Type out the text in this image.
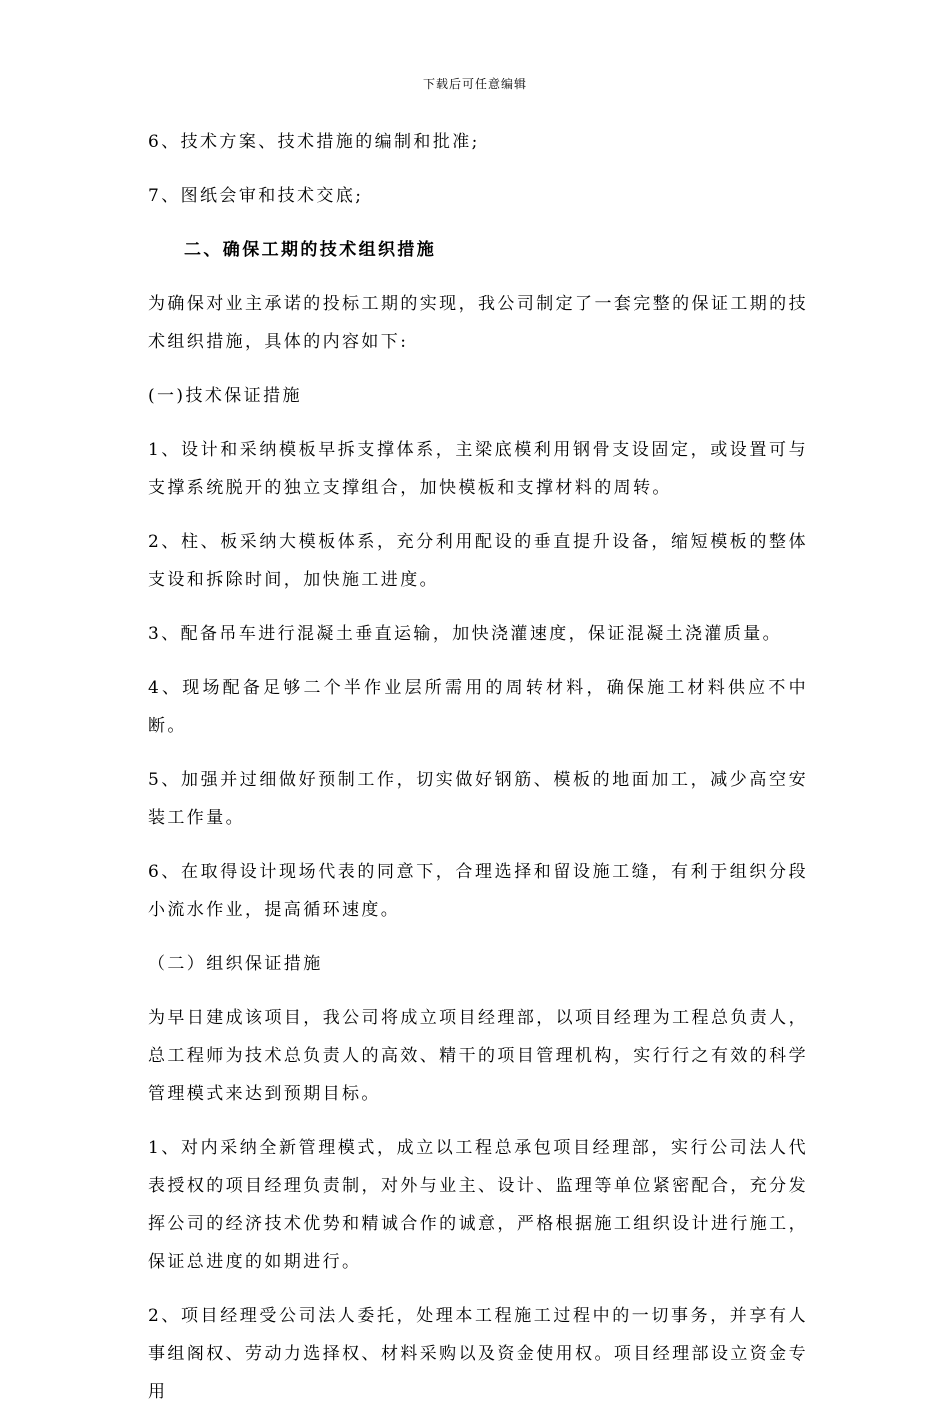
下载后可任意编辑

6、技术方案、技术措施的编制和批准;

7、图纸会审和技术交底;

二、确保工期的技术组织措施

为确保对业主承诺的投标工期的实现，我公司制定了一套完整的保证工期的技术组织措施，具体的内容如下:

(一)技术保证措施

1、设计和采纳模板早拆支撑体系，主梁底模利用钢骨支设固定，或设置可与支撑系统脱开的独立支撑组合，加快模板和支撑材料的周转。

2、柱、板采纳大模板体系，充分利用配设的垂直提升设备，缩短模板的整体支设和拆除时间，加快施工进度。

3、配备吊车进行混凝土垂直运输，加快浇灌速度，保证混凝土浇灌质量。

4、现场配备足够二个半作业层所需用的周转材料，确保施工材料供应不中断。

5、加强并过细做好预制工作，切实做好钢筋、模板的地面加工，减少高空安装工作量。

6、在取得设计现场代表的同意下，合理选择和留设施工缝，有利于组织分段小流水作业，提高循环速度。

（二）组织保证措施

为早日建成该项目，我公司将成立项目经理部，以项目经理为工程总负责人，总工程师为技术总负责人的高效、精干的项目管理机构，实行行之有效的科学管理模式来达到预期目标。

1、对内采纳全新管理模式，成立以工程总承包项目经理部，实行公司法人代表授权的项目经理负责制，对外与业主、设计、监理等单位紧密配合，充分发挥公司的经济技术优势和精诚合作的诚意，严格根据施工组织设计进行施工，保证总进度的如期进行。

2、项目经理受公司法人委托，处理本工程施工过程中的一切事务，并享有人事组阁权、劳动力选择权、材料采购以及资金使用权。项目经理部设立资金专用
